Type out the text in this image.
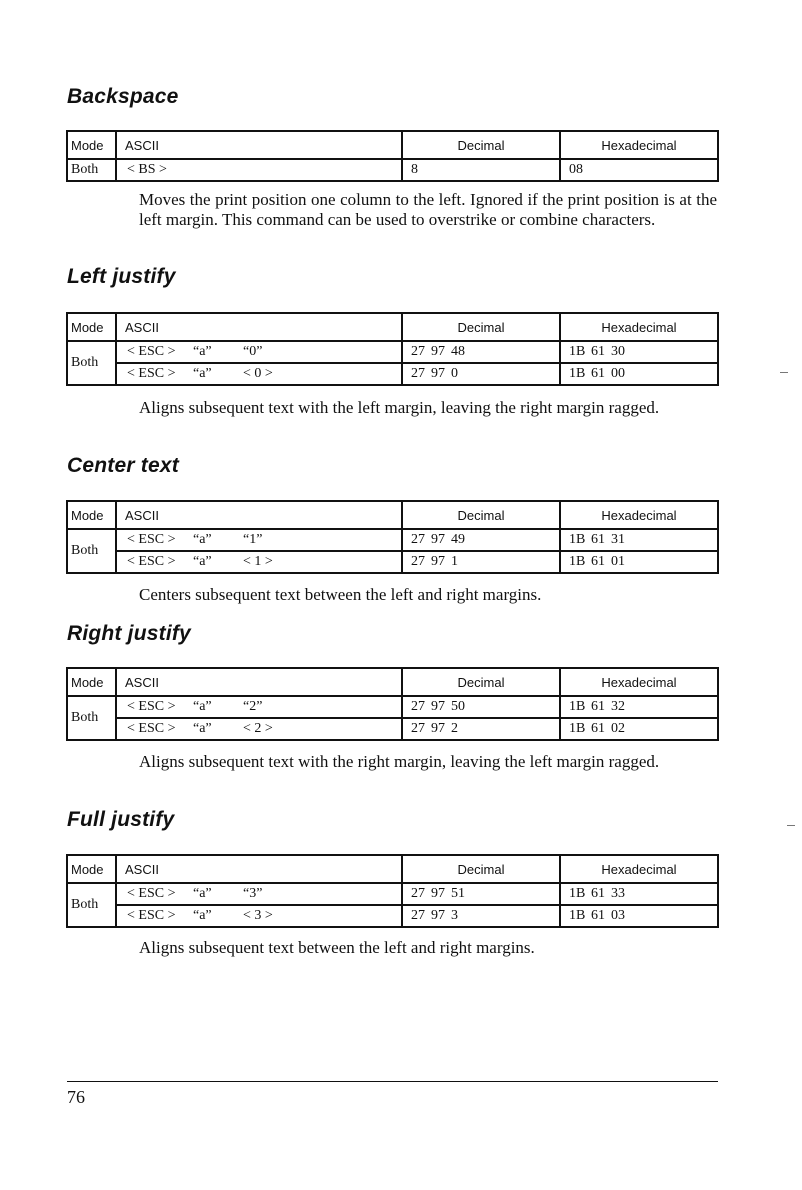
Backspace
Mode	ASCII	Decimal	Hexadecimal
Both	< BS >	8	08

Moves the print position one column to the left. Ignored if the print position is at the left margin. This command can be used to overstrike or combine characters.

Left justify
Mode	ASCII	Decimal	Hexadecimal
Both	< ESC > “a” “0”	27 97 48	1B 61 30
	< ESC > “a” < 0 >	27 97 0	1B 61 00

Aligns subsequent text with the left margin, leaving the right margin ragged.

Center text
Mode	ASCII	Decimal	Hexadecimal
Both	< ESC > “a” “1”	27 97 49	1B 61 31
	< ESC > “a” < 1 >	27 97 1	1B 61 01

Centers subsequent text between the left and right margins.

Right justify
Mode	ASCII	Decimal	Hexadecimal
Both	< ESC > “a” “2”	27 97 50	1B 61 32
	< ESC > “a” < 2 >	27 97 2	1B 61 02

Aligns subsequent text with the right margin, leaving the left margin ragged.

Full justify
Mode	ASCII	Decimal	Hexadecimal
Both	< ESC > “a” “3”	27 97 51	1B 61 33
	< ESC > “a” < 3 >	27 97 3	1B 61 03

Aligns subsequent text between the left and right margins.

76
